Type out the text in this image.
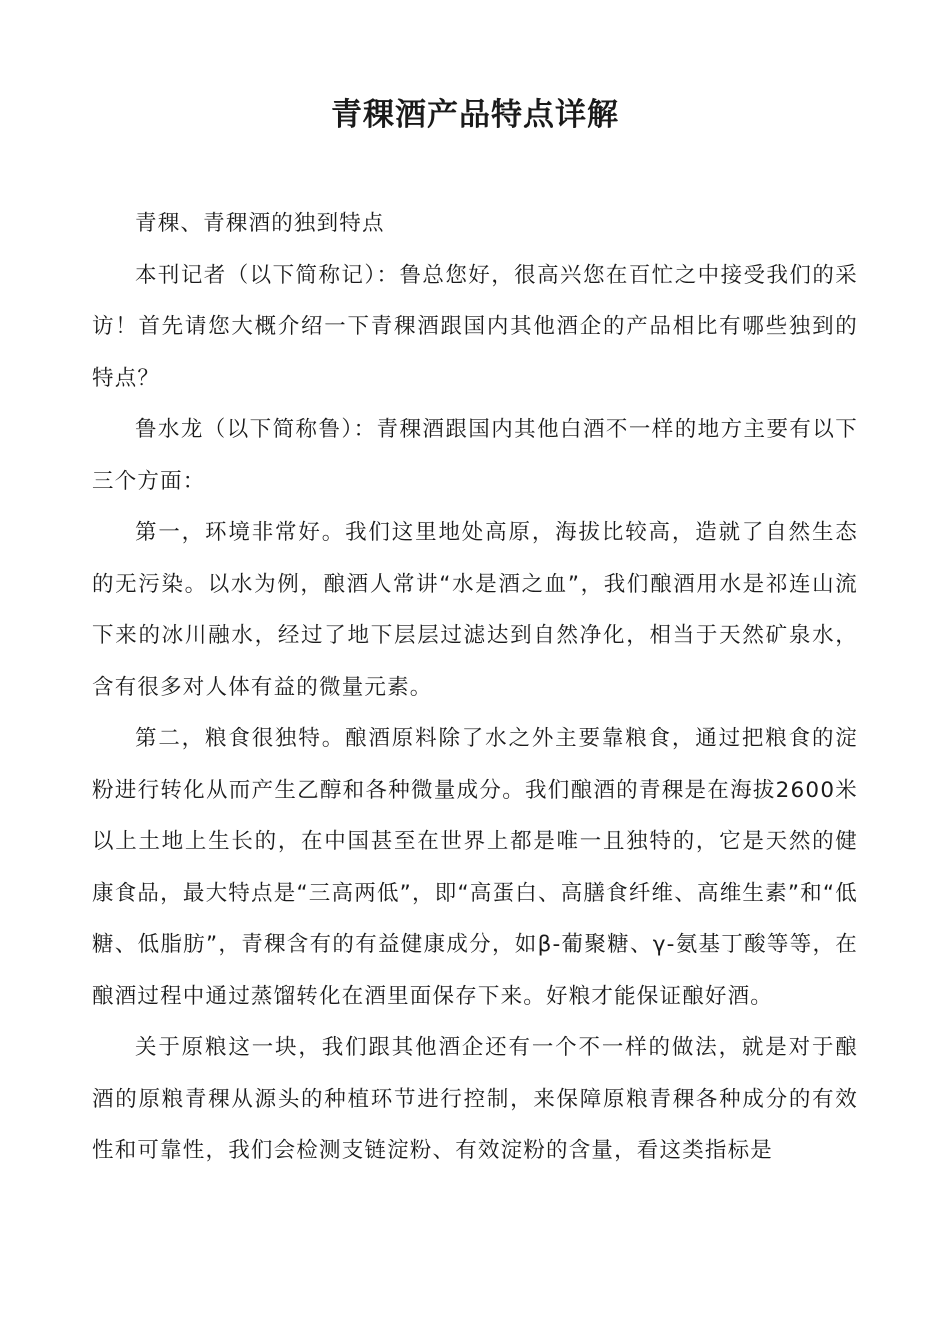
青稞酒产品特点详解

青稞、青稞酒的独到特点

本刊记者（以下简称记）：鲁总您好，很高兴您在百忙之中接受我们的采访！首先请您大概介绍一下青稞酒跟国内其他酒企的产品相比有哪些独到的特点？

鲁水龙（以下简称鲁）：青稞酒跟国内其他白酒不一样的地方主要有以下三个方面：

第一，环境非常好。我们这里地处高原，海拔比较高，造就了自然生态的无污染。以水为例，酿酒人常讲“水是酒之血”，我们酿酒用水是祁连山流下来的冰川融水，经过了地下层层过滤达到自然净化，相当于天然矿泉水，含有很多对人体有益的微量元素。

第二，粮食很独特。酿酒原料除了水之外主要靠粮食，通过把粮食的淀粉进行转化从而产生乙醇和各种微量成分。我们酿酒的青稞是在海拔2600米以上土地上生长的，在中国甚至在世界上都是唯一且独特的，它是天然的健康食品，最大特点是“三高两低”，即“高蛋白、高膳食纤维、高维生素”和“低糖、低脂肪”，青稞含有的有益健康成分，如β-葡聚糖、γ-氨基丁酸等等，在酿酒过程中通过蒸馏转化在酒里面保存下来。好粮才能保证酿好酒。

关于原粮这一块，我们跟其他酒企还有一个不一样的做法，就是对于酿酒的原粮青稞从源头的种植环节进行控制，来保障原粮青稞各种成分的有效性和可靠性，我们会检测支链淀粉、有效淀粉的含量，看这类指标是
